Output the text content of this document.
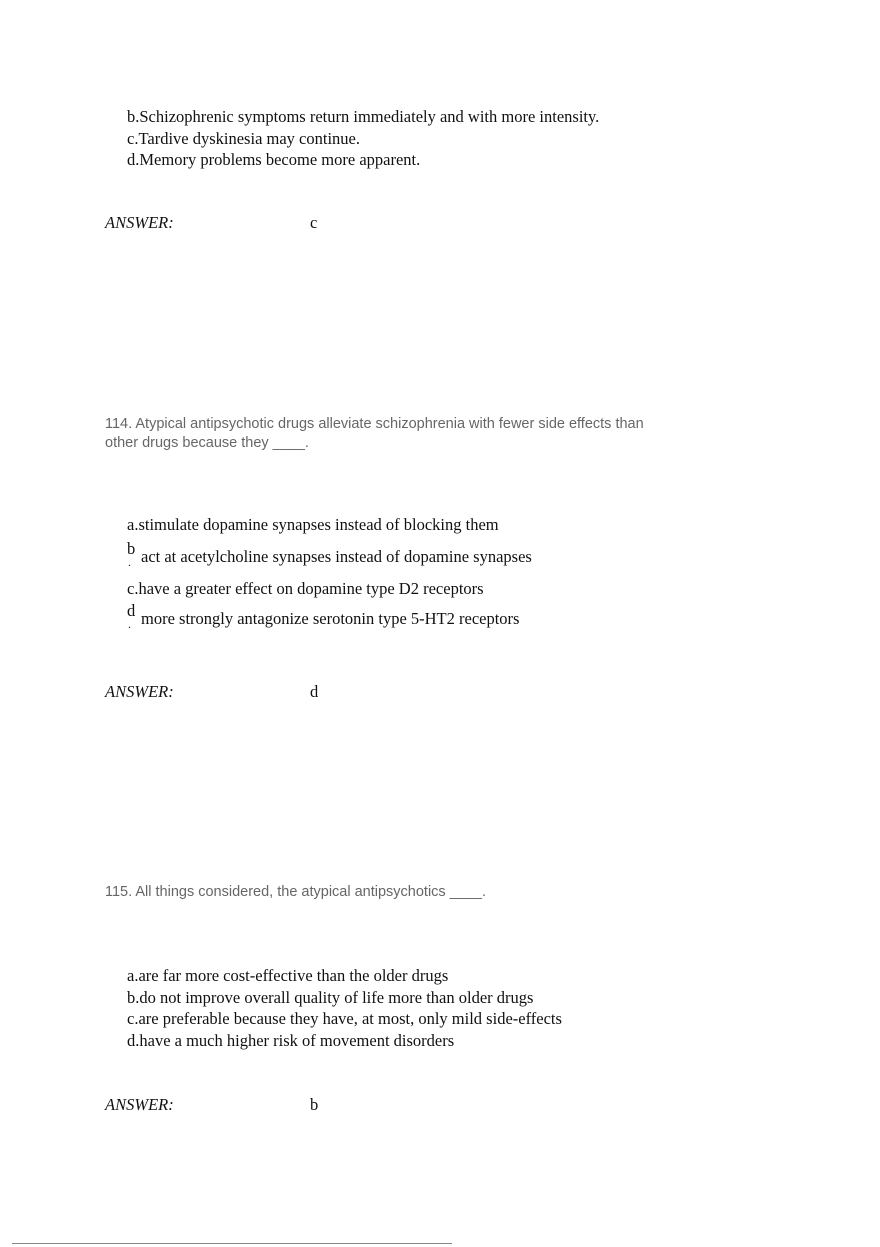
b.Schizophrenic symptoms return immediately and with more intensity.
c.Tardive dyskinesia may continue.
d.Memory problems become more apparent.
ANSWER:	c
114. Atypical antipsychotic drugs alleviate schizophrenia with fewer side effects than
other drugs because they ____.
a.stimulate dopamine synapses instead of blocking them
b
. act at acetylcholine synapses instead of dopamine synapses
c.have a greater effect on dopamine type D2 receptors
d
. more strongly antagonize serotonin type 5-HT2 receptors
ANSWER:	d
115. All things considered, the atypical antipsychotics ____.
a.are far more cost-effective than the older drugs
b.do not improve overall quality of life more than older drugs
c.are preferable because they have, at most, only mild side-effects
d.have a much higher risk of movement disorders
ANSWER:	b
